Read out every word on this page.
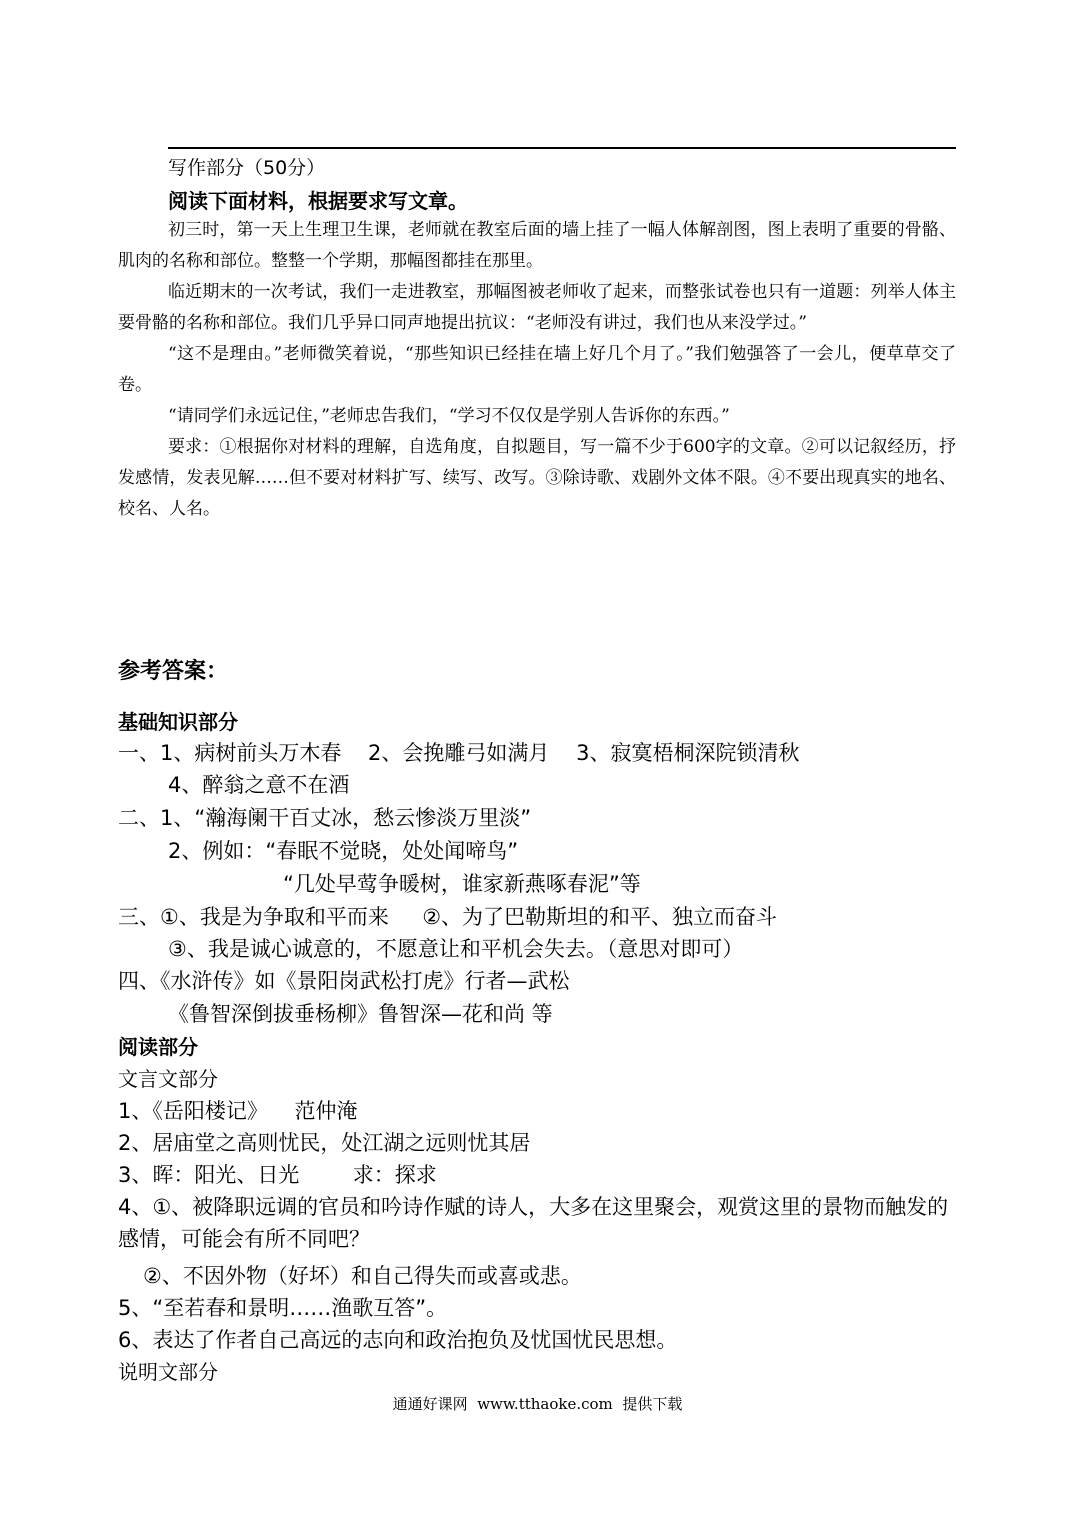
写作部分（50分）
阅读下面材料，根据要求写文章。

初三时，第一天上生理卫生课，老师就在教室后面的墙上挂了一幅人体解剖图，图上表明了重要的骨骼、肌肉的名称和部位。整整一个学期，那幅图都挂在那里。

临近期末的一次考试，我们一走进教室，那幅图被老师收了起来，而整张试卷也只有一道题：列举人体主要骨骼的名称和部位。我们几乎异口同声地提出抗议：“老师没有讲过，我们也从来没学过。”

“这不是理由。”老师微笑着说，“那些知识已经挂在墙上好几个月了。”我们勉强答了一会儿，便草草交了卷。

“请同学们永远记住，”老师忠告我们，“学习不仅仅是学别人告诉你的东西。”

要求：①根据你对材料的理解，自选角度，自拟题目，写一篇不少于600字的文章。②可以记叙经历，抒发感情，发表见解……但不要对材料扩写、续写、改写。③除诗歌、戏剧外文体不限。④不要出现真实的地名、校名、人名。

参考答案：
基础知识部分
一、1、病树前头万木春    2、会挽雕弓如满月    3、寂寞梧桐深院锁清秋
4、醉翁之意不在酒
二、1、“瀚海阑干百丈冰，愁云惨淡万里淡”
2、例如：“春眠不觉晓，处处闻啼鸟”
“几处早莺争暖树，谁家新燕啄春泥”等
三、①、我是为争取和平而来     ②、为了巴勒斯坦的和平、独立而奋斗
③、我是诚心诚意的，不愿意让和平机会失去。（意思对即可）
四、《水浒传》如《景阳岗武松打虎》行者—武松
《鲁智深倒拔垂杨柳》鲁智深—花和尚 等
阅读部分
文言文部分
1、《岳阳楼记》    范仲淹
2、居庙堂之高则忧民，处江湖之远则忧其居
3、晖：阳光、日光        求：探求
4、①、被降职远调的官员和吟诗作赋的诗人，大多在这里聚会，观赏这里的景物而触发的感情，可能会有所不同吧？
②、不因外物（好坏）和自己得失而或喜或悲。
5、“至若春和景明……渔歌互答”。
6、表达了作者自己高远的志向和政治抱负及忧国忧民思想。
说明文部分
通通好课网  www.tthaoke.com  提供下载
